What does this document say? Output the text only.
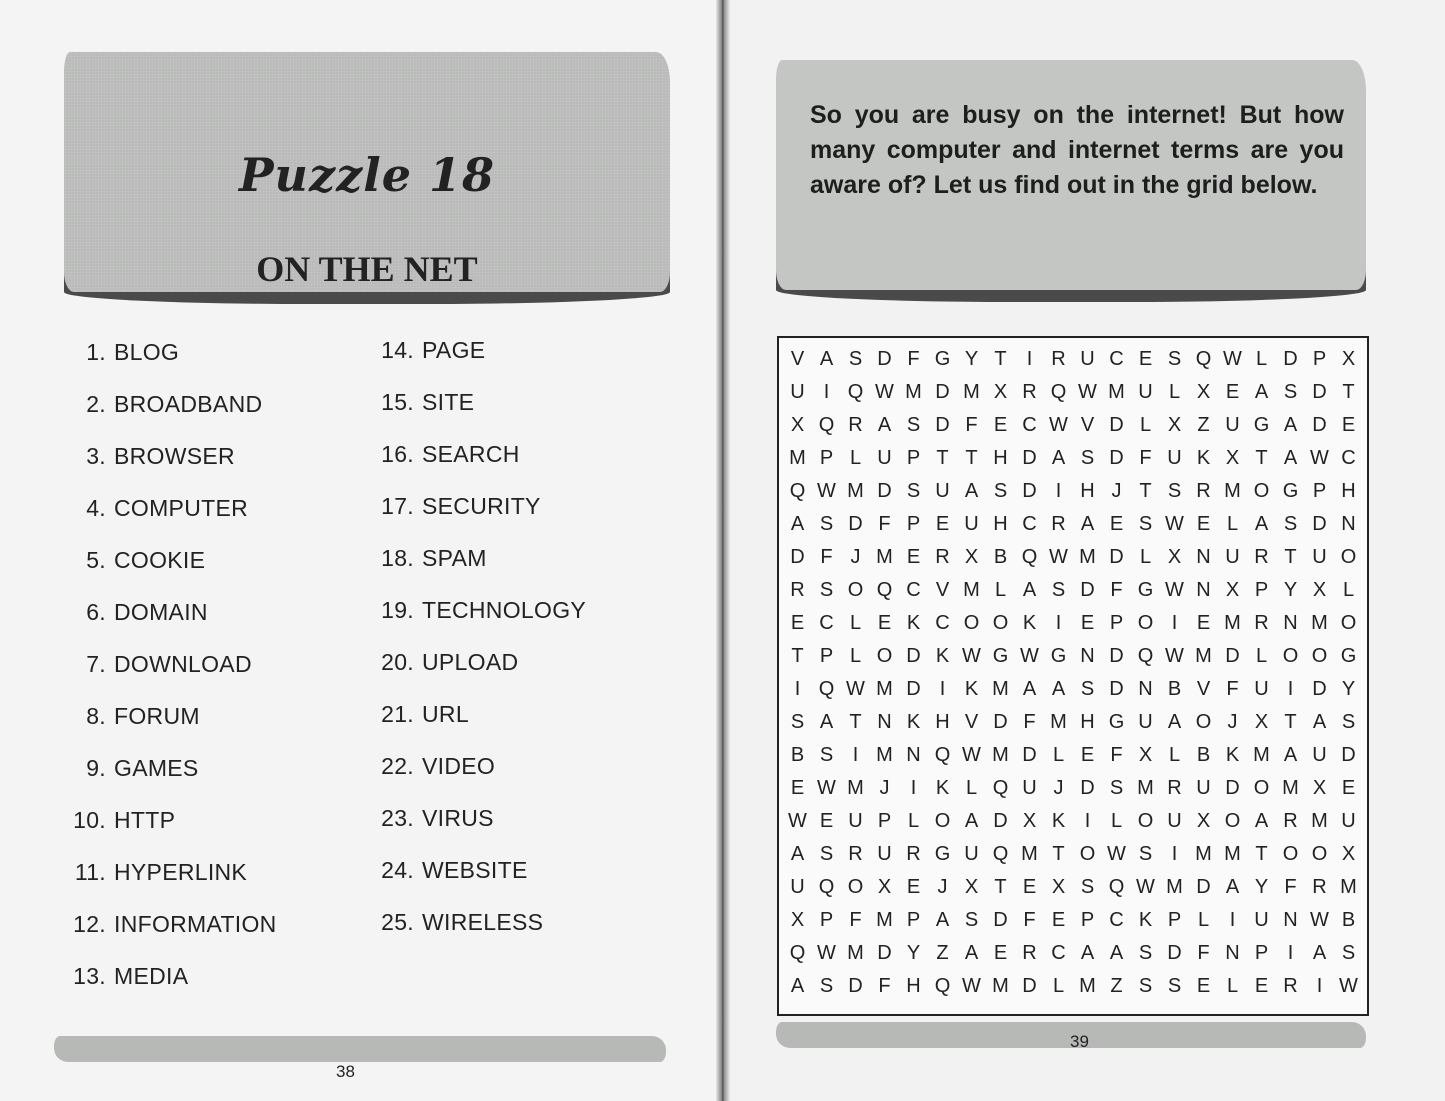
Puzzle 18
ON THE NET
So you are busy on the internet! But how many computer and internet terms are you aware of? Let us find out in the grid below.
1. BLOG
2. BROADBAND
3. BROWSER
4. COMPUTER
5. COOKIE
6. DOMAIN
7. DOWNLOAD
8. FORUM
9. GAMES
10. HTTP
11. HYPERLINK
12. INFORMATION
13. MEDIA
14. PAGE
15. SITE
16. SEARCH
17. SECURITY
18. SPAM
19. TECHNOLOGY
20. UPLOAD
21. URL
22. VIDEO
23. VIRUS
24. WEBSITE
25. WIRELESS
V A S D F G Y T	I R U C E S Q W L D P X
U I Q W M D M X R Q W M U L X E A S D T
X Q R A S D F E C W V D L X Z U G A D E
M P L U P T T H D A S D F U K X T A W C
Q W M D S U A S D I H J T S R M O G P H
A S D F P E U H C R A E S W E L A S D N
D F J M E R X B Q W M D L X N U R T U O
R S O Q C V M L A S D F G W N X P Y X L
E C L E K C O O K I E P O I E M R N M O
T P L O D K W G W G N D Q W M D L O O G
I Q W M D I K M A A S D N B V F U I D Y
S A T N K H V D F M H G U A O J X T A S
B S I M N Q W M D L E F X L B K M A U D
E W M J	I K L Q U J D S M R U D O M X E
W E U P L O A D X K I	L O U X O A R M U
A S R U R G U Q M T O W S I M M T O O X
U Q O X E J X T E X S Q W M D A Y F R M
X P F M P A S D F E P C K P L	I U N W B
Q W M D Y Z A E R C A A S D F N P I A S
A S D F H Q W M D L M Z S S E L E R I W
38
39
